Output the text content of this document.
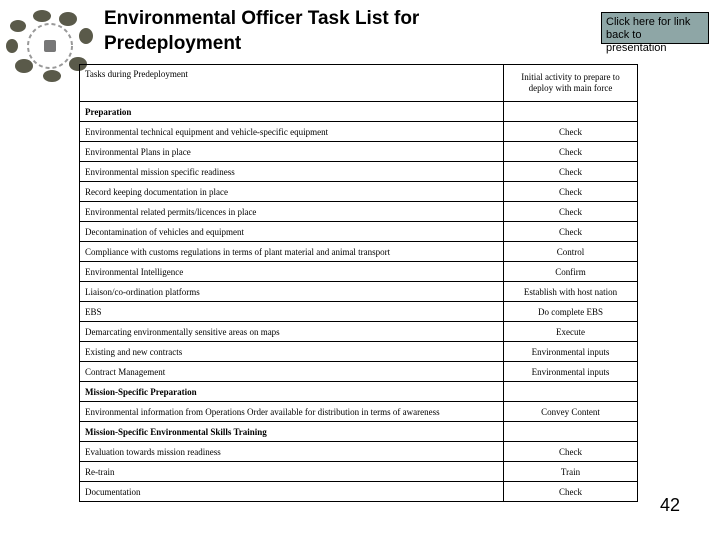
Environmental Officer Task List for Predeployment
Click here for link back to presentation
Tasks during Predeployment	Initial activity to prepare to deploy with main force
Preparation	
Environmental technical equipment and vehicle-specific equipment	Check
Environmental Plans in place	Check
Environmental mission specific readiness	Check
Record keeping documentation in place	Check
Environmental related permits/licences in place	Check
Decontamination of vehicles and equipment	Check
Compliance with customs regulations in terms of plant material and animal transport	Control
Environmental Intelligence	Confirm
Liaison/co-ordination platforms	Establish with host nation
EBS	Do complete EBS
Demarcating environmentally sensitive areas on maps	Execute
Existing and new contracts	Environmental inputs
Contract Management	Environmental inputs
Mission-Specific Preparation	
Environmental information from Operations Order available for distribution in terms of awareness	Convey Content
Mission-Specific Environmental Skills Training	
Evaluation towards mission readiness	Check
Re-train	Train
Documentation	Check
42
